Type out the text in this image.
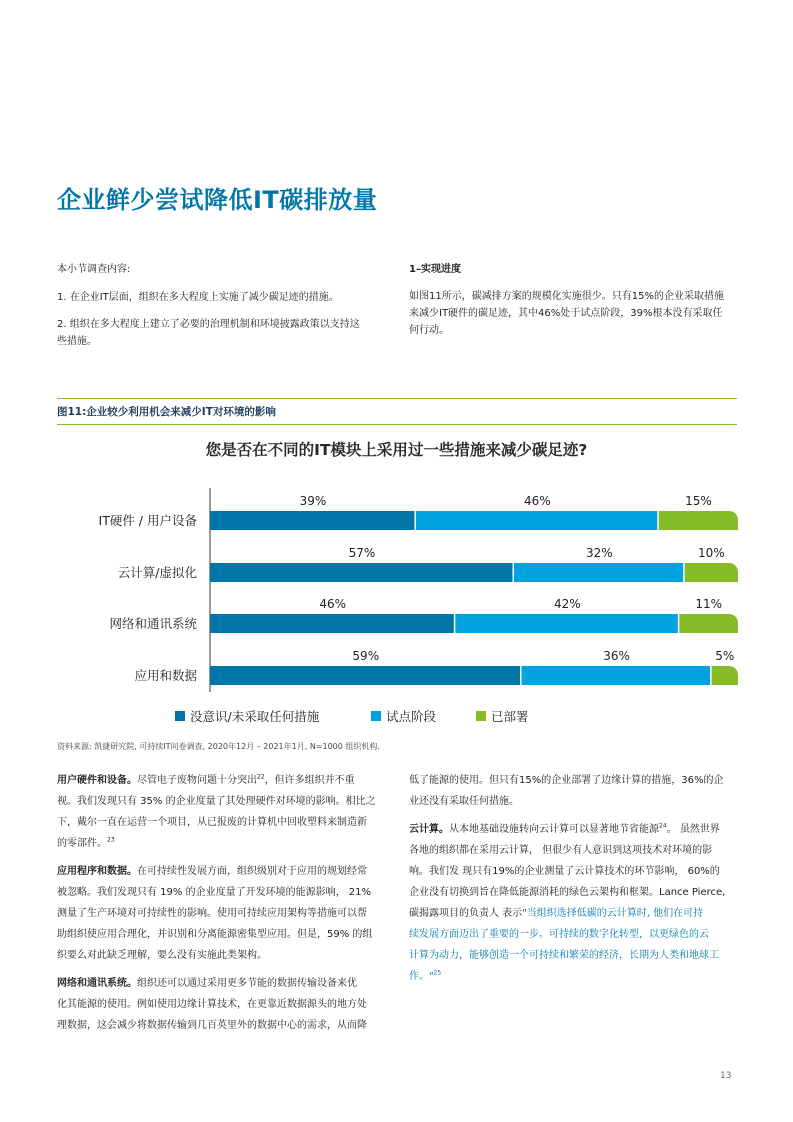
企业鲜少尝试降低IT碳排放量
本小节调查内容:
1. 在企业IT层面，组织在多大程度上实施了减少碳足迹的措施。
2. 组织在多大程度上建立了必要的治理机制和环境披露政策以支持这
些措施。
1–实现进度
如图11所示，碳减排方案的规模化实施很少。只有15%的企业采取措施
来减少IT硬件的碳足迹，其中46%处于试点阶段，39%根本没有采取任
何行动。
图11:企业较少利用机会来减少IT对环境的影响
您是否在不同的IT模块上采用过一些措施来减少碳足迹?
IT硬件 / 用户设备
39%	46%	15%
云计算/虚拟化
57%	32%	10%
网络和通讯系统
46%	42%	11%
应用和数据
59%	36%	5%
没意识/未采取任何措施	试点阶段	已部署
资料来源: 凯捷研究院, 可持续IT问卷调查, 2020年12月 – 2021年1月, N=1000 组织机构.
用户硬件和设备。尽管电子废物问题十分突出$^{22}$，但许多组织并不重
视。我们发现只有 35% 的企业度量了其处理硬件对环境的影响。相比之
下，戴尔一直在运营一个项目，从已报废的计算机中回收塑料来制造新
的零部件。$^{23}$
应用程序和数据。在可持续性发展方面，组织级别对于应用的规划经常
被忽略。我们发现只有 19% 的企业度量了开发环境的能源影响， 21%
测量了生产环境对可持续性的影响。使用可持续应用架构等措施可以帮
助组织使应用合理化，并识别和分离能源密集型应用。但是，59% 的组
织要么对此缺乏理解，要么没有实施此类架构。
网络和通讯系统。组织还可以通过采用更多节能的数据传输设备来优
化其能源的使用。例如使用边缘计算技术，在更靠近数据源头的地方处
理数据，这会减少将数据传输到几百英里外的数据中心的需求，从而降
低了能源的使用。但只有15%的企业部署了边缘计算的措施，36%的企
业还没有采取任何措施。
云计算。从本地基础设施转向云计算可以显著地节省能源$^{24}$。 虽然世界
各地的组织都在采用云计算， 但很少有人意识到这项技术对环境的影
响。我们发 现只有19%的企业测量了云计算技术的环节影响， 60%的
企业没有切换到旨在降低能源消耗的绿色云架构和框架。Lance Pierce,
碳揭露项目的负责人 表示"当组织选择低碳的云计算时, 他们在可持
续发展方面迈出了重要的一步。可持续的数字化转型，以更绿色的云
计算为动力，能够创造一个可持续和繁荣的经济，长期为人类和地球工
作。"$^{25}$
13
